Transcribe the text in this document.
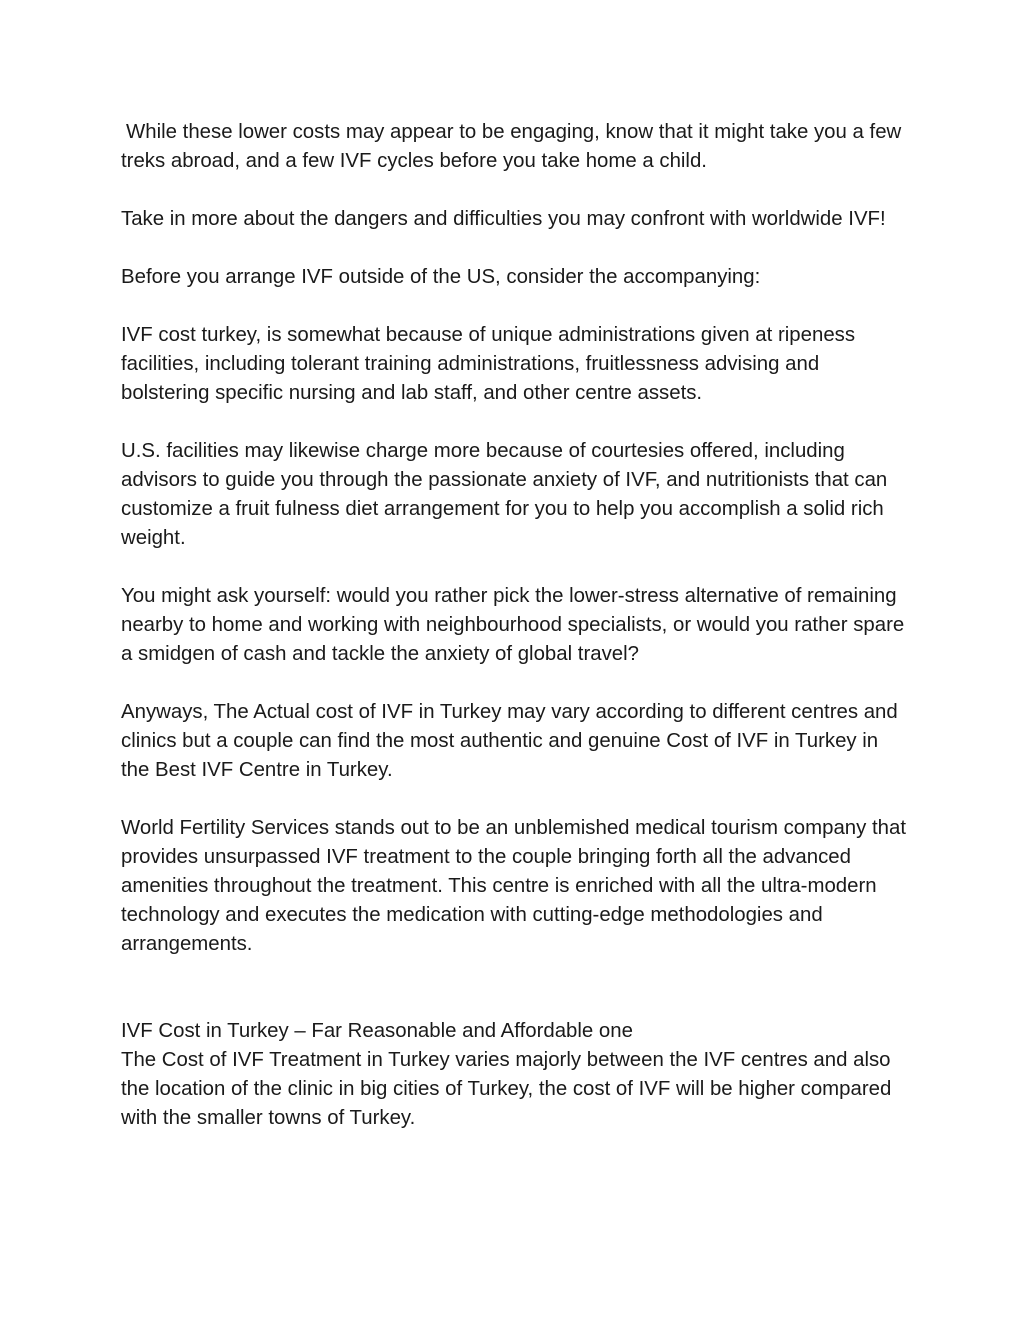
While these lower costs may appear to be engaging, know that it might take you a few treks abroad, and a few IVF cycles before you take home a child.

Take in more about the dangers and difficulties you may confront with worldwide IVF!

Before you arrange IVF outside of the US, consider the accompanying:

IVF cost turkey, is somewhat because of unique administrations given at ripeness facilities, including tolerant training administrations, fruitlessness advising and bolstering specific nursing and lab staff, and other centre assets.

U.S. facilities may likewise charge more because of courtesies offered, including advisors to guide you through the passionate anxiety of IVF, and nutritionists that can customize a fruit fulness diet arrangement for you to help you accomplish a solid rich weight.

You might ask yourself: would you rather pick the lower-stress alternative of remaining nearby to home and working with neighbourhood specialists, or would you rather spare a smidgen of cash and tackle the anxiety of global travel?

Anyways, The Actual cost of IVF in Turkey may vary according to different centres and clinics but a couple can find the most authentic and genuine Cost of IVF in Turkey in the Best IVF Centre in Turkey.

World Fertility Services stands out to be an unblemished medical tourism company that provides unsurpassed IVF treatment to the couple bringing forth all the advanced amenities throughout the treatment. This centre is enriched with all the ultra-modern technology and executes the medication with cutting-edge methodologies and arrangements.

IVF Cost in Turkey – Far Reasonable and Affordable one

The Cost of IVF Treatment in Turkey varies majorly between the IVF centres and also the location of the clinic in big cities of Turkey, the cost of IVF will be higher compared with the smaller towns of Turkey.
